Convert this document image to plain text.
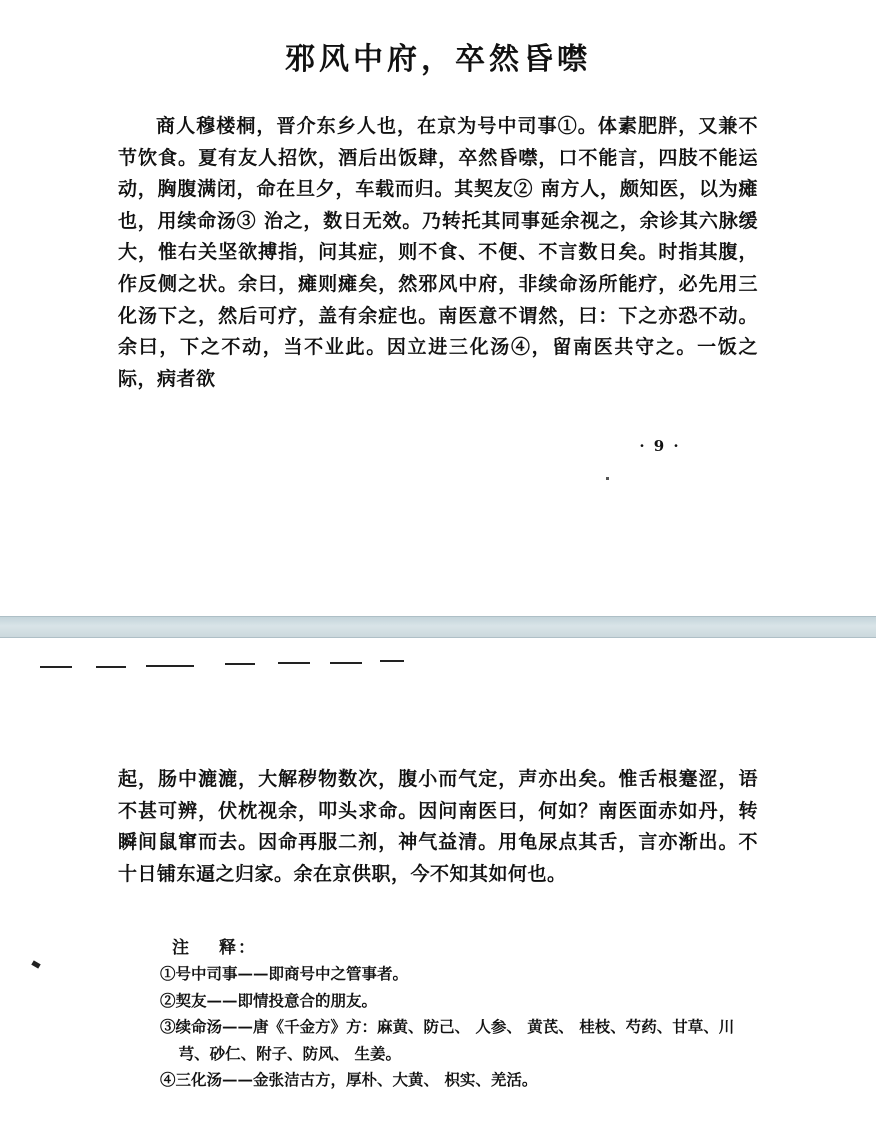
邪风中府，卒然昏噤

商人穆楼桐，晋介东乡人也，在京为号中司事①。体素肥胖，又兼不节饮食。夏有友人招饮，酒后出饭肆，卒然昏噤，口不能言，四肢不能运动，胸腹满闭，命在旦夕，车载而归。其契友② 南方人，颇知医，以为瘫也，用续命汤③ 治之，数日无效。乃转托其同事延余视之，余诊其六脉缓大，惟右关坚欲搏指，问其症，则不食、不便、不言数日矣。时指其腹，作反侧之状。余曰，瘫则瘫矣，然邪风中府，非续命汤所能疗，必先用三化汤下之，然后可疗，盖有余症也。南医意不谓然，曰：下之亦恐不动。余曰，下之不动，当不业此。因立进三化汤④，留南医共守之。一饭之际，病者欲

· 9 ·

起，肠中漉漉，大解秽物数次，腹小而气定，声亦出矣。惟舌根蹇涩，语不甚可辨，伏枕视余，叩头求命。因问南医曰，何如？南医面赤如丹，转瞬间鼠窜而去。因命再服二剂，神气益清。用龟尿点其舌，言亦渐出。不十日铺东逼之归家。余在京供职，今不知其如何也。

注 释：

①号中司事——即商号中之管事者。
②契友——即情投意合的朋友。
③续命汤——唐《千金方》方：麻黄、防己、 人参、 黄芪、 桂枝、芍药、甘草、川芎、砂仁、附子、防风、 生姜。
④三化汤——金张洁古方，厚朴、大黄、 枳实、羌活。
